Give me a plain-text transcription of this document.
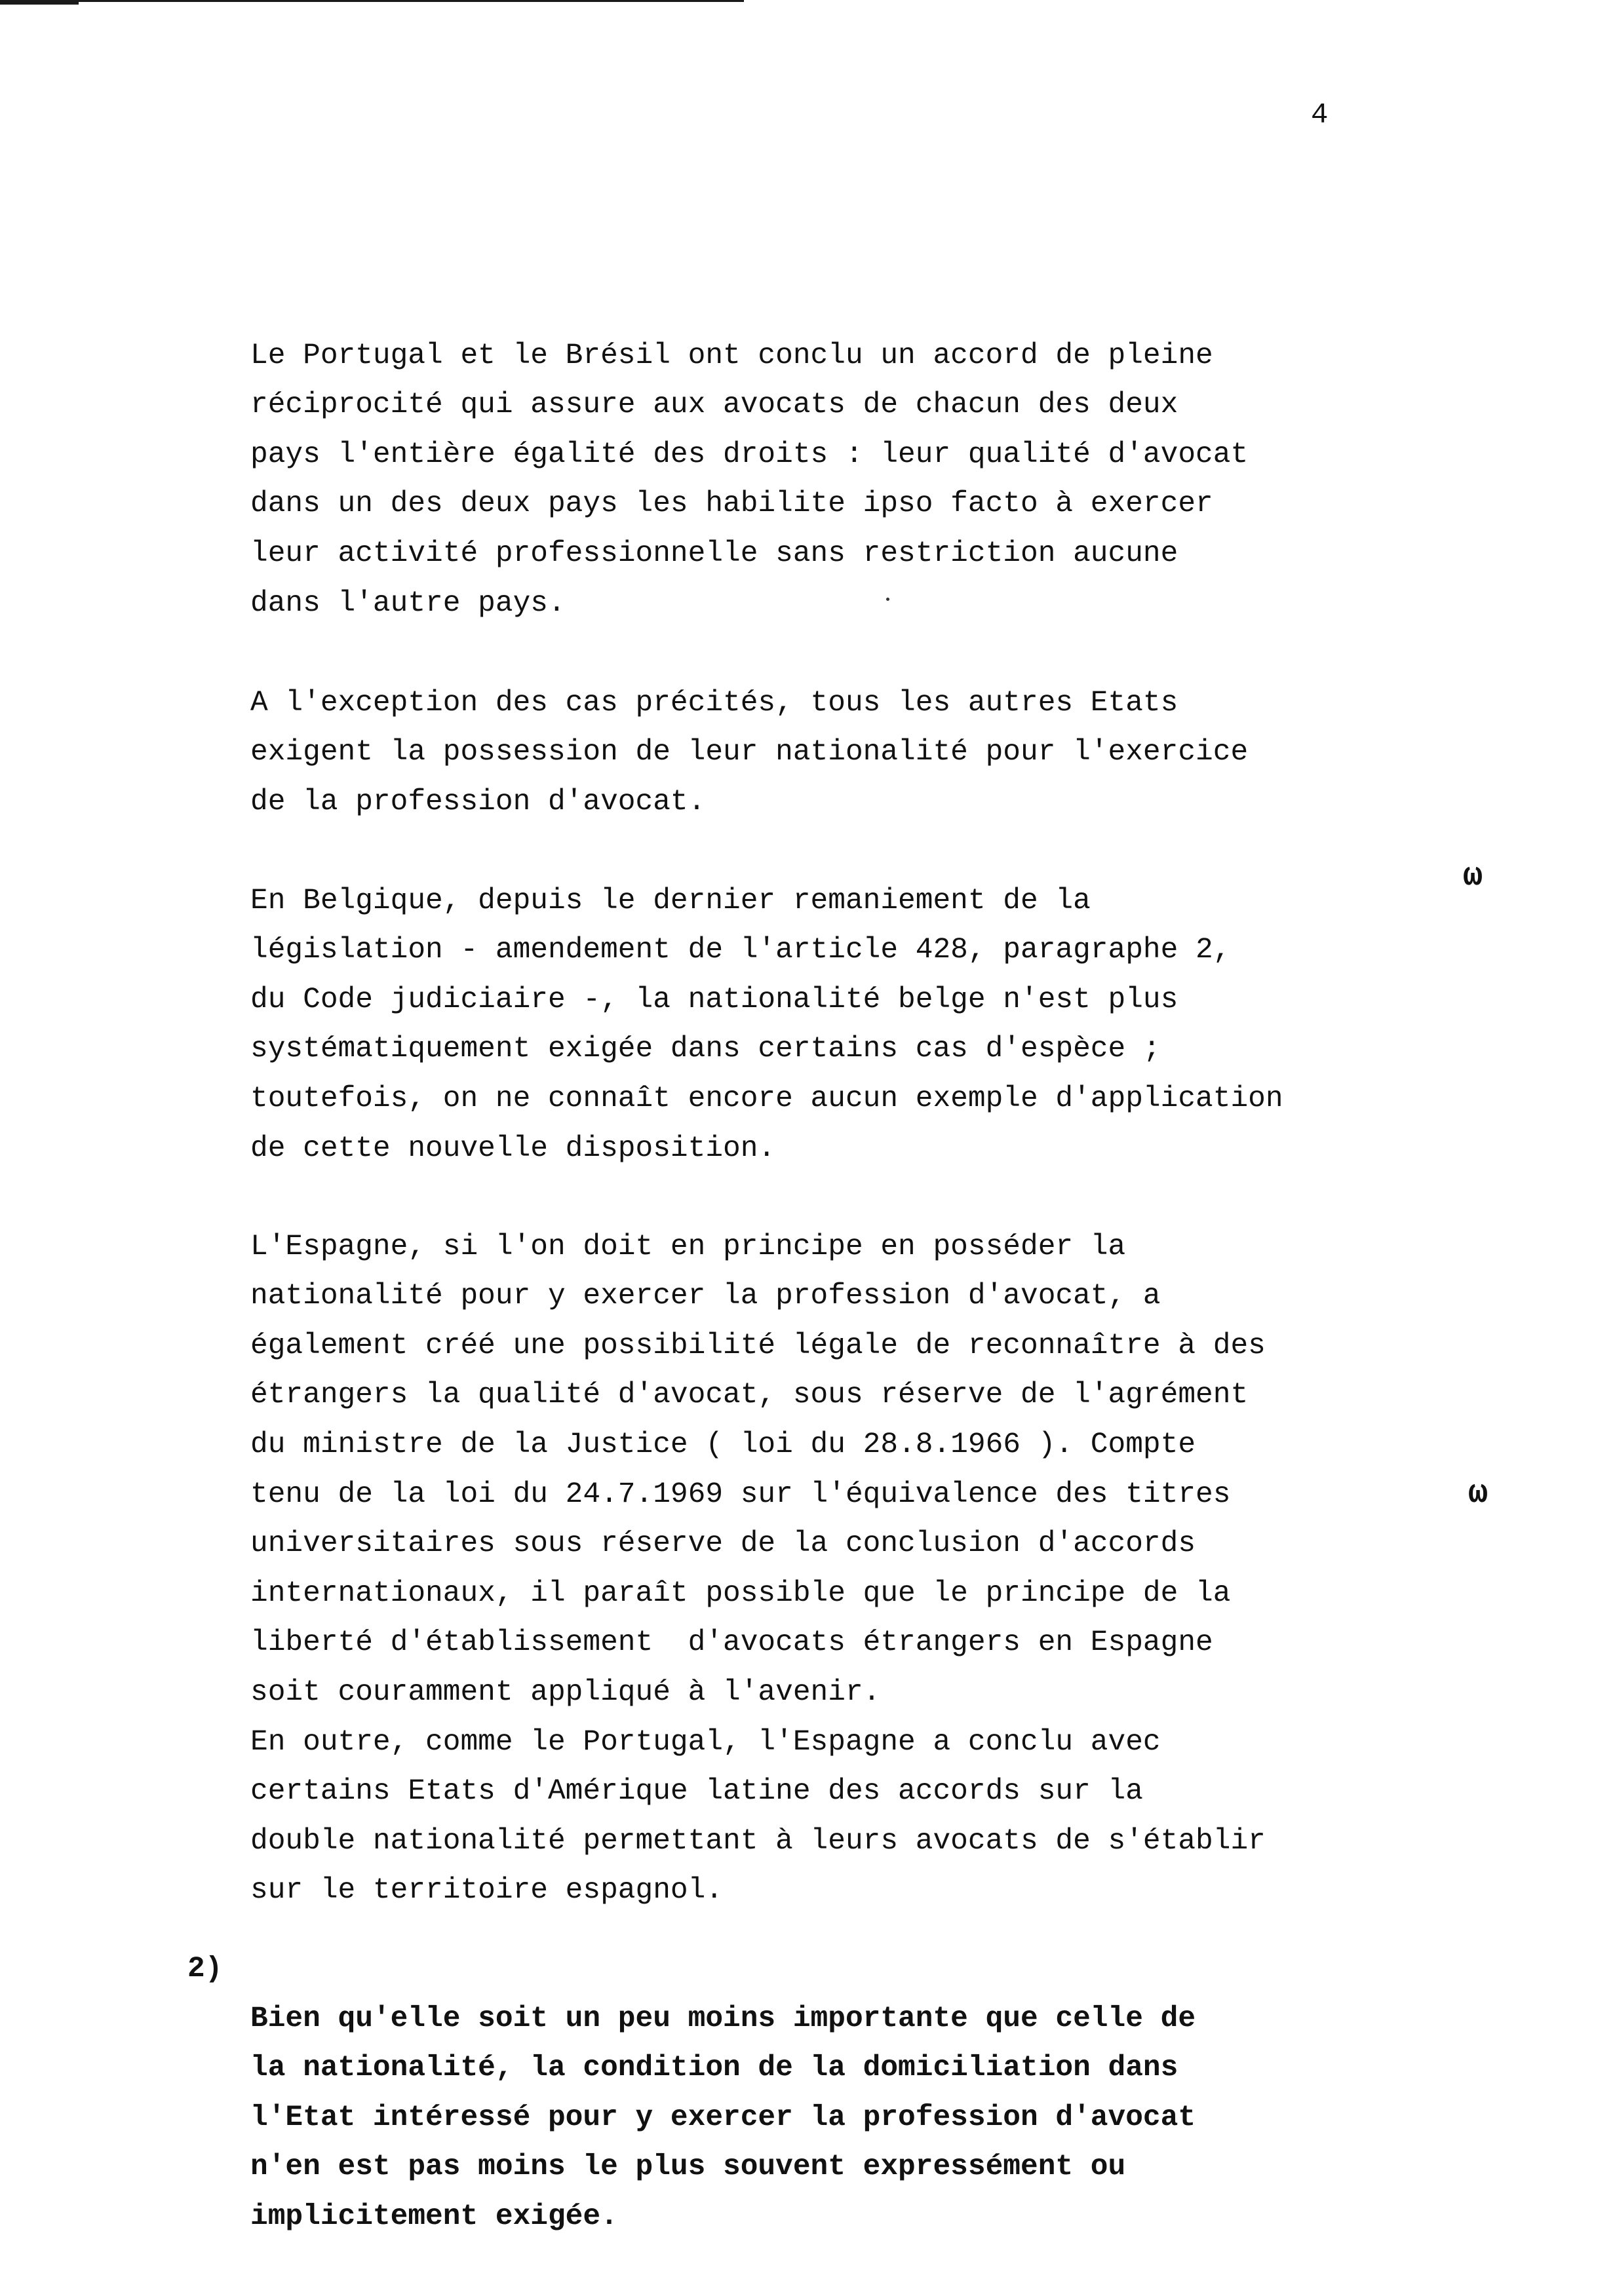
4

Le Portugal et le Brésil ont conclu un accord de pleine
réciprocité qui assure aux avocats de chacun des deux
pays l'entière égalité des droits : leur qualité d'avocat
dans un des deux pays les habilite ipso facto à exercer
leur activité professionnelle sans restriction aucune
dans l'autre pays.

A l'exception des cas précités, tous les autres Etats
exigent la possession de leur nationalité pour l'exercice
de la profession d'avocat.

En Belgique, depuis le dernier remaniement de la
législation - amendement de l'article 428, paragraphe 2,
du Code judiciaire -, la nationalité belge n'est plus
systématiquement exigée dans certains cas d'espèce ;
toutefois, on ne connaît encore aucun exemple d'application
de cette nouvelle disposition.

ω

L'Espagne, si l'on doit en principe en posséder la
nationalité pour y exercer la profession d'avocat, a
également créé une possibilité légale de reconnaître à des
étrangers la qualité d'avocat, sous réserve de l'agrément
du ministre de la Justice ( loi du 28.8.1966 ). Compte
tenu de la loi du 24.7.1969 sur l'équivalence des titres
universitaires sous réserve de la conclusion d'accords
internationaux, il paraît possible que le principe de la
liberté d'établissement  d'avocats étrangers en Espagne
soit couramment appliqué à l'avenir.
En outre, comme le Portugal, l'Espagne a conclu avec
certains Etats d'Amérique latine des accords sur la
double nationalité permettant à leurs avocats de s'établir
sur le territoire espagnol.

ω
2)

Bien qu'elle soit un peu moins importante que celle de
la nationalité, la condition de la domiciliation dans
l'Etat intéressé pour y exercer la profession d'avocat
n'en est pas moins le plus souvent expressément ou
implicitement exigée.
